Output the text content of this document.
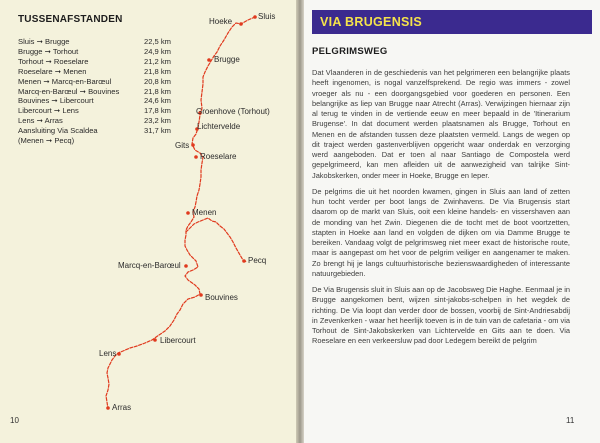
TUSSENAFSTANDEN
Sluis ➞ Brugge	22,5 km
Brugge ➞ Torhout	24,9 km
Torhout ➞ Roeselare	21,2 km
Roeselare ➞ Menen	21,8 km
Menen ➞ Marcq-en-Barœul	20,8 km
Marcq-en-Barœul ➞ Bouvines	21,8 km
Bouvines ➞ Libercourt	24,6 km
Libercourt ➞ Lens	17,8 km
Lens ➞ Arras	23,2 km
Aansluiting Via Scaldea	31,7 km
(Menen ➞ Pecq)
Hoeke
Sluis
Brugge
Groenhove (Torhout)
Lichtervelde
Gits
Roeselare
Menen
Pecq
Marcq-en-Barœul
Bouvines
Libercourt
Lens
Arras
10
VIA BRUGENSIS
PELGRIMSWEG

Dat Vlaanderen in de geschiedenis van het pelgrimeren een belangrijke plaats heeft ingenomen, is nogal vanzelfsprekend. De regio was immers - zowel vroeger als nu - een doorgangsgebied voor goederen en personen. Een belangrijke as liep van Brugge naar Atrecht (Arras). Verwijzingen hiernaar zijn al terug te vinden in de vertiende eeuw en meer bepaald in de 'Itinerarium Brugense'. In dat document werden plaatsnamen als Brugge, Torhout en Menen en de afstanden tussen deze plaatsten vermeld. Langs de wegen op dit traject werden gastenverblijven opgericht waar onderdak en verzorging werd aangeboden. Dat er toen al naar Santiago de Compostela werd gepelgrimeerd, kan men afleiden uit de aanwezigheid van talrijke Sint-Jakobskerken, onder meer in Hoeke, Brugge en Ieper.

De pelgrims die uit het noorden kwamen, gingen in Sluis aan land of zetten hun tocht verder per boot langs de Zwinhavens. De Via Brugensis start daarom op de markt van Sluis, ooit een kleine handels- en vissershaven aan de monding van het Zwin. Diegenen die de tocht met de boot voortzetten, stapten in Hoeke aan land en volgden de dijken om via Damme Brugge te bereiken. Vandaag volgt de pelgrimsweg niet meer exact de historische route, maar is aangepast om het voor de pelgrim veiliger en aangenamer te maken. Zo brengt hij je langs cultuurhistorische bezienswaardigheden of interessante natuurgebieden.

De Via Brugensis sluit in Sluis aan op de Jacobsweg Die Haghe. Eenmaal je in Brugge aangekomen bent, wijzen sint-jakobs-schelpen in het wegdek de richting. De Via loopt dan verder door de bossen, voorbij de Sint-Andriesabdij in Zevenkerken - waar het heerlijk toeven is in de tuin van de cafetaria - om via Torhout de Sint-Jakobskerken van Lichtervelde en Gits aan te doen. Via Roeselare en een verkeersluw pad door Ledegem bereikt de pelgrim

11
